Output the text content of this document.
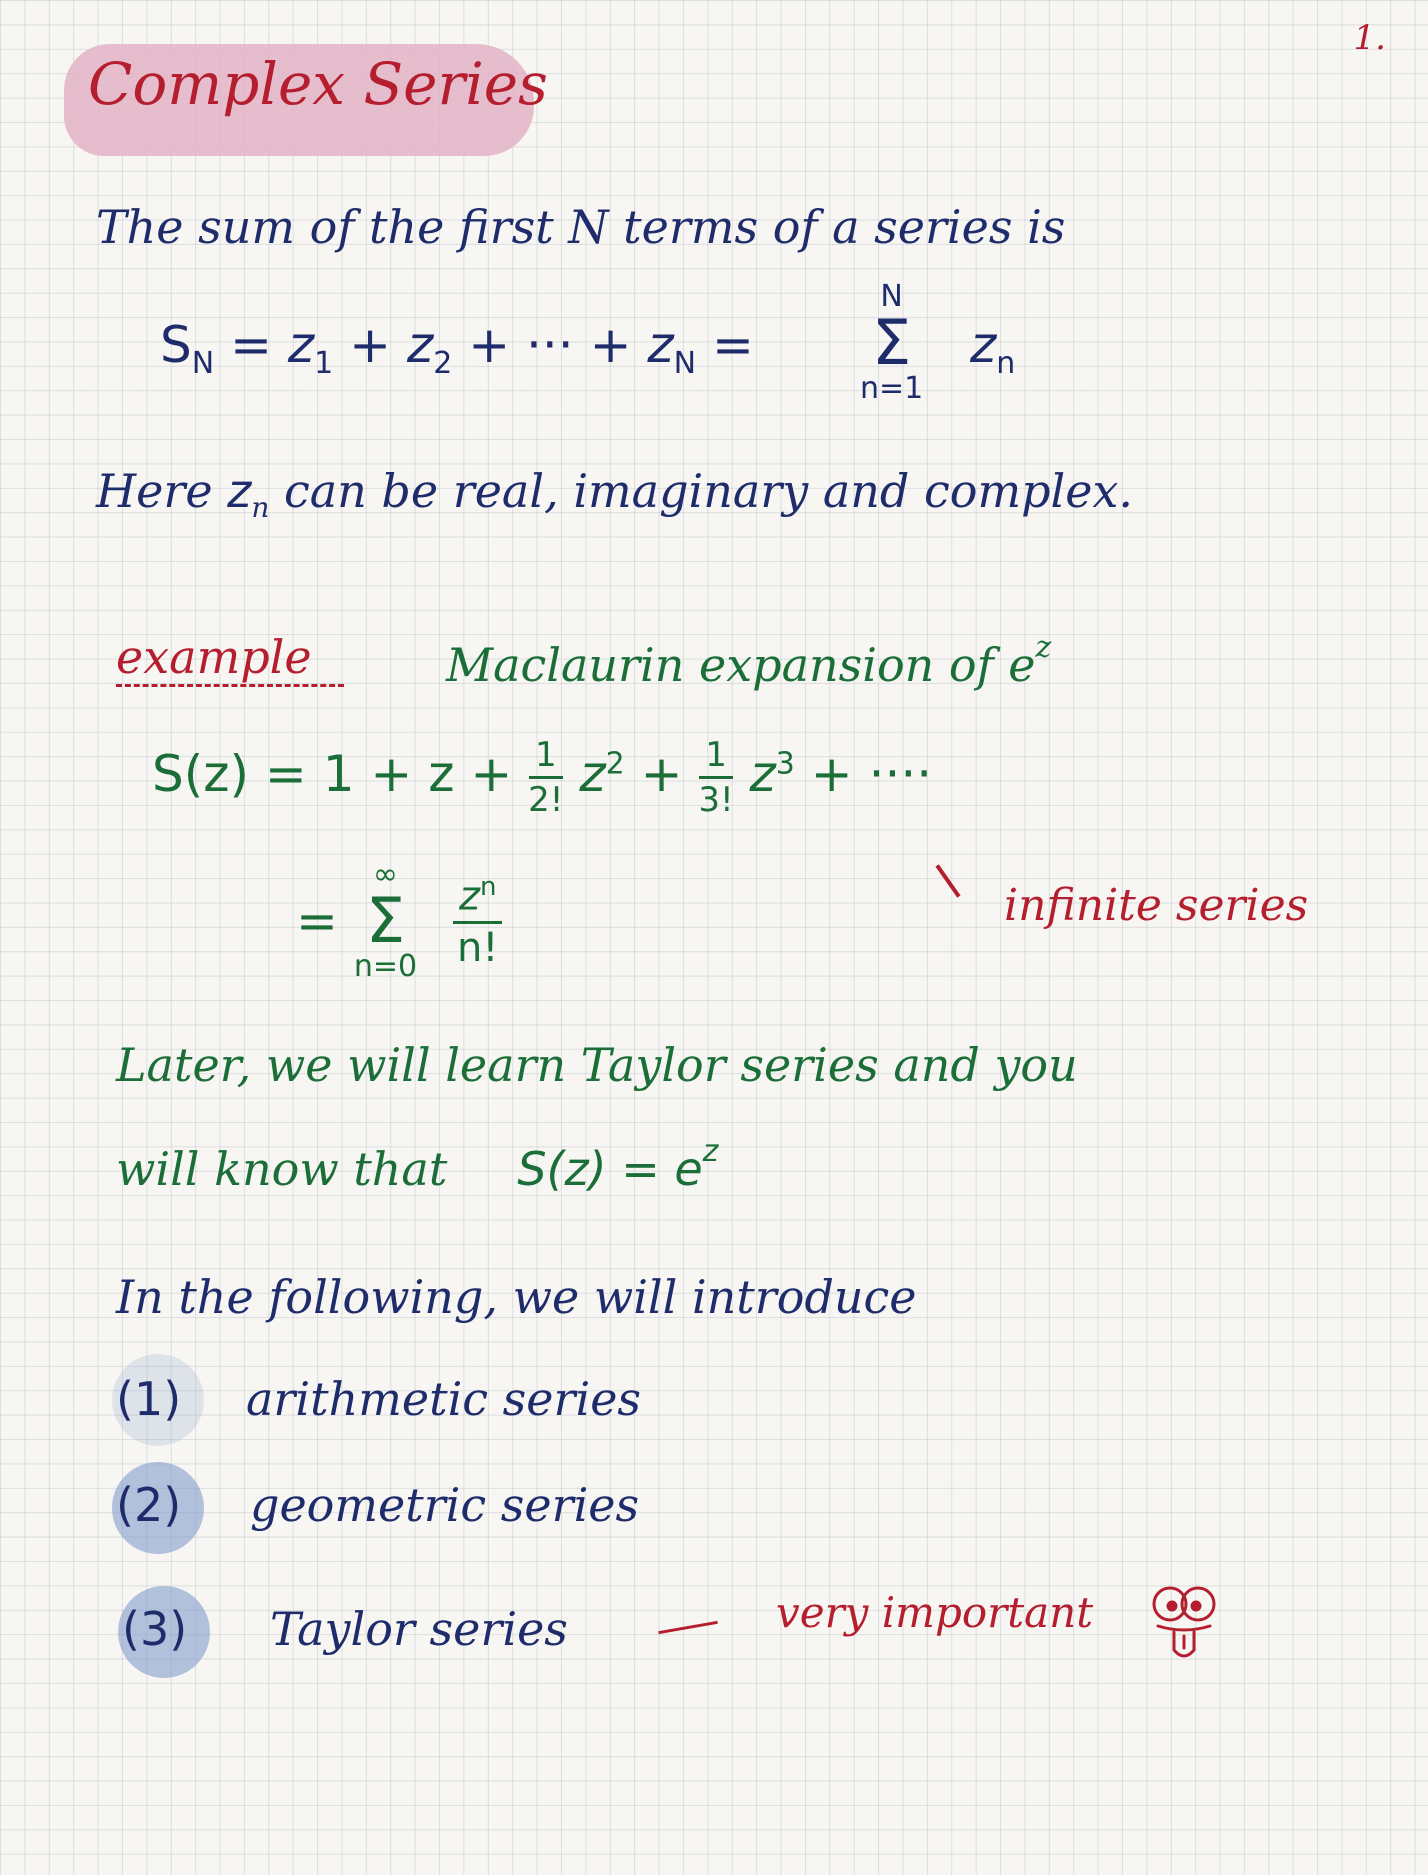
1.
Complex Series
The sum of the first N terms of a series is
$S_N = z_1 + z_2$ + ··· + $z_N$ =
N
Σ
n=1
$z_n$
Here $z_n$ can be real, imaginary and complex.
example	Maclaurin expansion of $e^z$
$S(z) = 1 + z + \frac{1}{2!} z^2 + \frac{1}{3!} z^3$ + ····
=
∞
Σ
n=0
$\frac{z^n}{n!}$	infinite series
Later, we will learn Taylor series and you
will know that $S(z) = e^z$
In the following, we will introduce
(1) arithmetic series
(2) geometric series
(3) Taylor series	very important
